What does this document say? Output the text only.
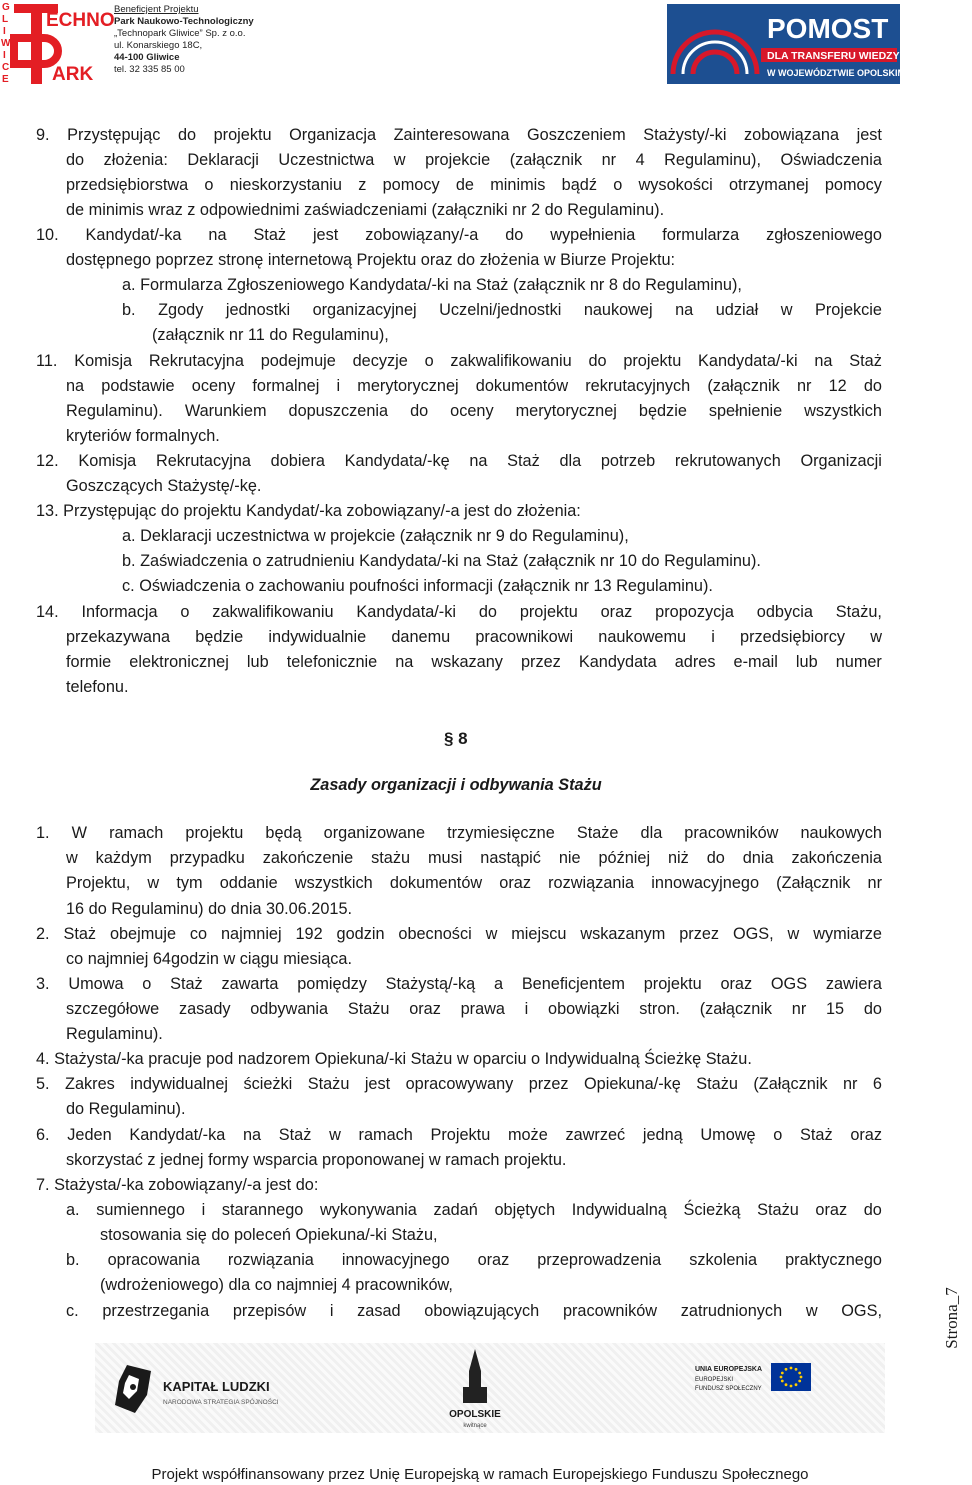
G
L
I
W
I
C
E
ECHNO
ARK
Beneficjent Projektu
Park Naukowo-Technologiczny
„Technopark Gliwice” Sp. z o.o.
ul. Konarskiego 18C,
44-100 Gliwice
tel. 32 335 85 00
POMOST
DLA TRANSFERU WIEDZY
W WOJEWÓDZTWIE OPOLSKIM
9. Przystępując do projektu Organizacja Zainteresowana Goszczeniem Stażysty/-ki zobowiązana jest
do złożenia: Deklaracji Uczestnictwa w projekcie (załącznik nr 4 Regulaminu), Oświadczenia
przedsiębiorstwa o nieskorzystaniu z pomocy de minimis bądź o wysokości otrzymanej pomocy
de minimis wraz z odpowiednimi zaświadczeniami (załączniki nr 2 do Regulaminu).
10. Kandydat/-ka na Staż jest zobowiązany/-a do wypełnienia formularza zgłoszeniowego
dostępnego poprzez stronę internetową Projektu oraz do złożenia w Biurze Projektu:
a. Formularza Zgłoszeniowego Kandydata/-ki na Staż (załącznik nr 8 do Regulaminu),
b. Zgody jednostki organizacyjnej Uczelni/jednostki naukowej na udział w Projekcie
(załącznik nr 11 do Regulaminu),
11. Komisja Rekrutacyjna podejmuje decyzje o zakwalifikowaniu do projektu Kandydata/-ki na Staż
na podstawie oceny formalnej i merytorycznej dokumentów rekrutacyjnych (załącznik nr 12 do
Regulaminu). Warunkiem dopuszczenia do oceny merytorycznej będzie spełnienie wszystkich
kryteriów formalnych.
12. Komisja Rekrutacyjna dobiera Kandydata/-kę na Staż dla potrzeb rekrutowanych Organizacji
Goszczących Stażystę/-kę.
13. Przystępując do projektu Kandydat/-ka zobowiązany/-a jest do złożenia:
a. Deklaracji uczestnictwa w projekcie (załącznik nr 9 do Regulaminu),
b. Zaświadczenia o zatrudnieniu Kandydata/-ki na Staż (załącznik nr 10 do Regulaminu).
c. Oświadczenia o zachowaniu poufności informacji (załącznik nr 13 Regulaminu).
14. Informacja o zakwalifikowaniu Kandydata/-ki do projektu oraz propozycja odbycia Stażu,
przekazywana będzie indywidualnie danemu pracownikowi naukowemu i przedsiębiorcy w
formie elektronicznej lub telefonicznie na wskazany przez Kandydata adres e-mail lub numer
telefonu.
§ 8
Zasady organizacji i odbywania Stażu
1. W ramach projektu będą organizowane trzymiesięczne Staże dla pracowników naukowych
w każdym przypadku zakończenie stażu musi nastąpić nie później niż do dnia zakończenia
Projektu, w tym oddanie wszystkich dokumentów oraz rozwiązania innowacyjnego (Załącznik nr
16 do Regulaminu) do dnia 30.06.2015.
2. Staż obejmuje co najmniej 192 godzin obecności w miejscu wskazanym przez OGS, w wymiarze
co najmniej 64godzin w ciągu miesiąca.
3. Umowa o Staż zawarta pomiędzy Stażystą/-ką a Beneficjentem projektu oraz OGS zawiera
szczegółowe zasady odbywania Stażu oraz prawa i obowiązki stron. (załącznik nr 15 do
Regulaminu).
4. Stażysta/-ka pracuje pod nadzorem Opiekuna/-ki Stażu w oparciu o Indywidualną Ścieżkę Stażu.
5. Zakres indywidualnej ścieżki Stażu jest opracowywany przez Opiekuna/-kę Stażu (Załącznik nr 6
do Regulaminu).
6. Jeden Kandydat/-ka na Staż w ramach Projektu może zawrzeć jedną Umowę o Staż oraz
skorzystać z jednej formy wsparcia proponowanej w ramach projektu.
7. Stażysta/-ka zobowiązany/-a jest do:
a. sumiennego i starannego wykonywania zadań objętych Indywidualną Ścieżką Stażu oraz do
stosowania się do poleceń Opiekuna/-ki Stażu,
b. opracowania rozwiązania innowacyjnego oraz przeprowadzenia szkolenia praktycznego
(wdrożeniowego) dla co najmniej 4 pracowników,
c. przestrzegania przepisów i zasad obowiązujących pracowników zatrudnionych w OGS,	Strona_7
KAPITAŁ LUDZKI
NARODOWA STRATEGIA SPÓJNOŚCI
OPOLSKIE
kwitnące
UNIA EUROPEJSKA
EUROPEJSKI
FUNDUSZ SPOŁECZNY
Projekt współfinansowany przez Unię Europejską w ramach Europejskiego Funduszu Społecznego
